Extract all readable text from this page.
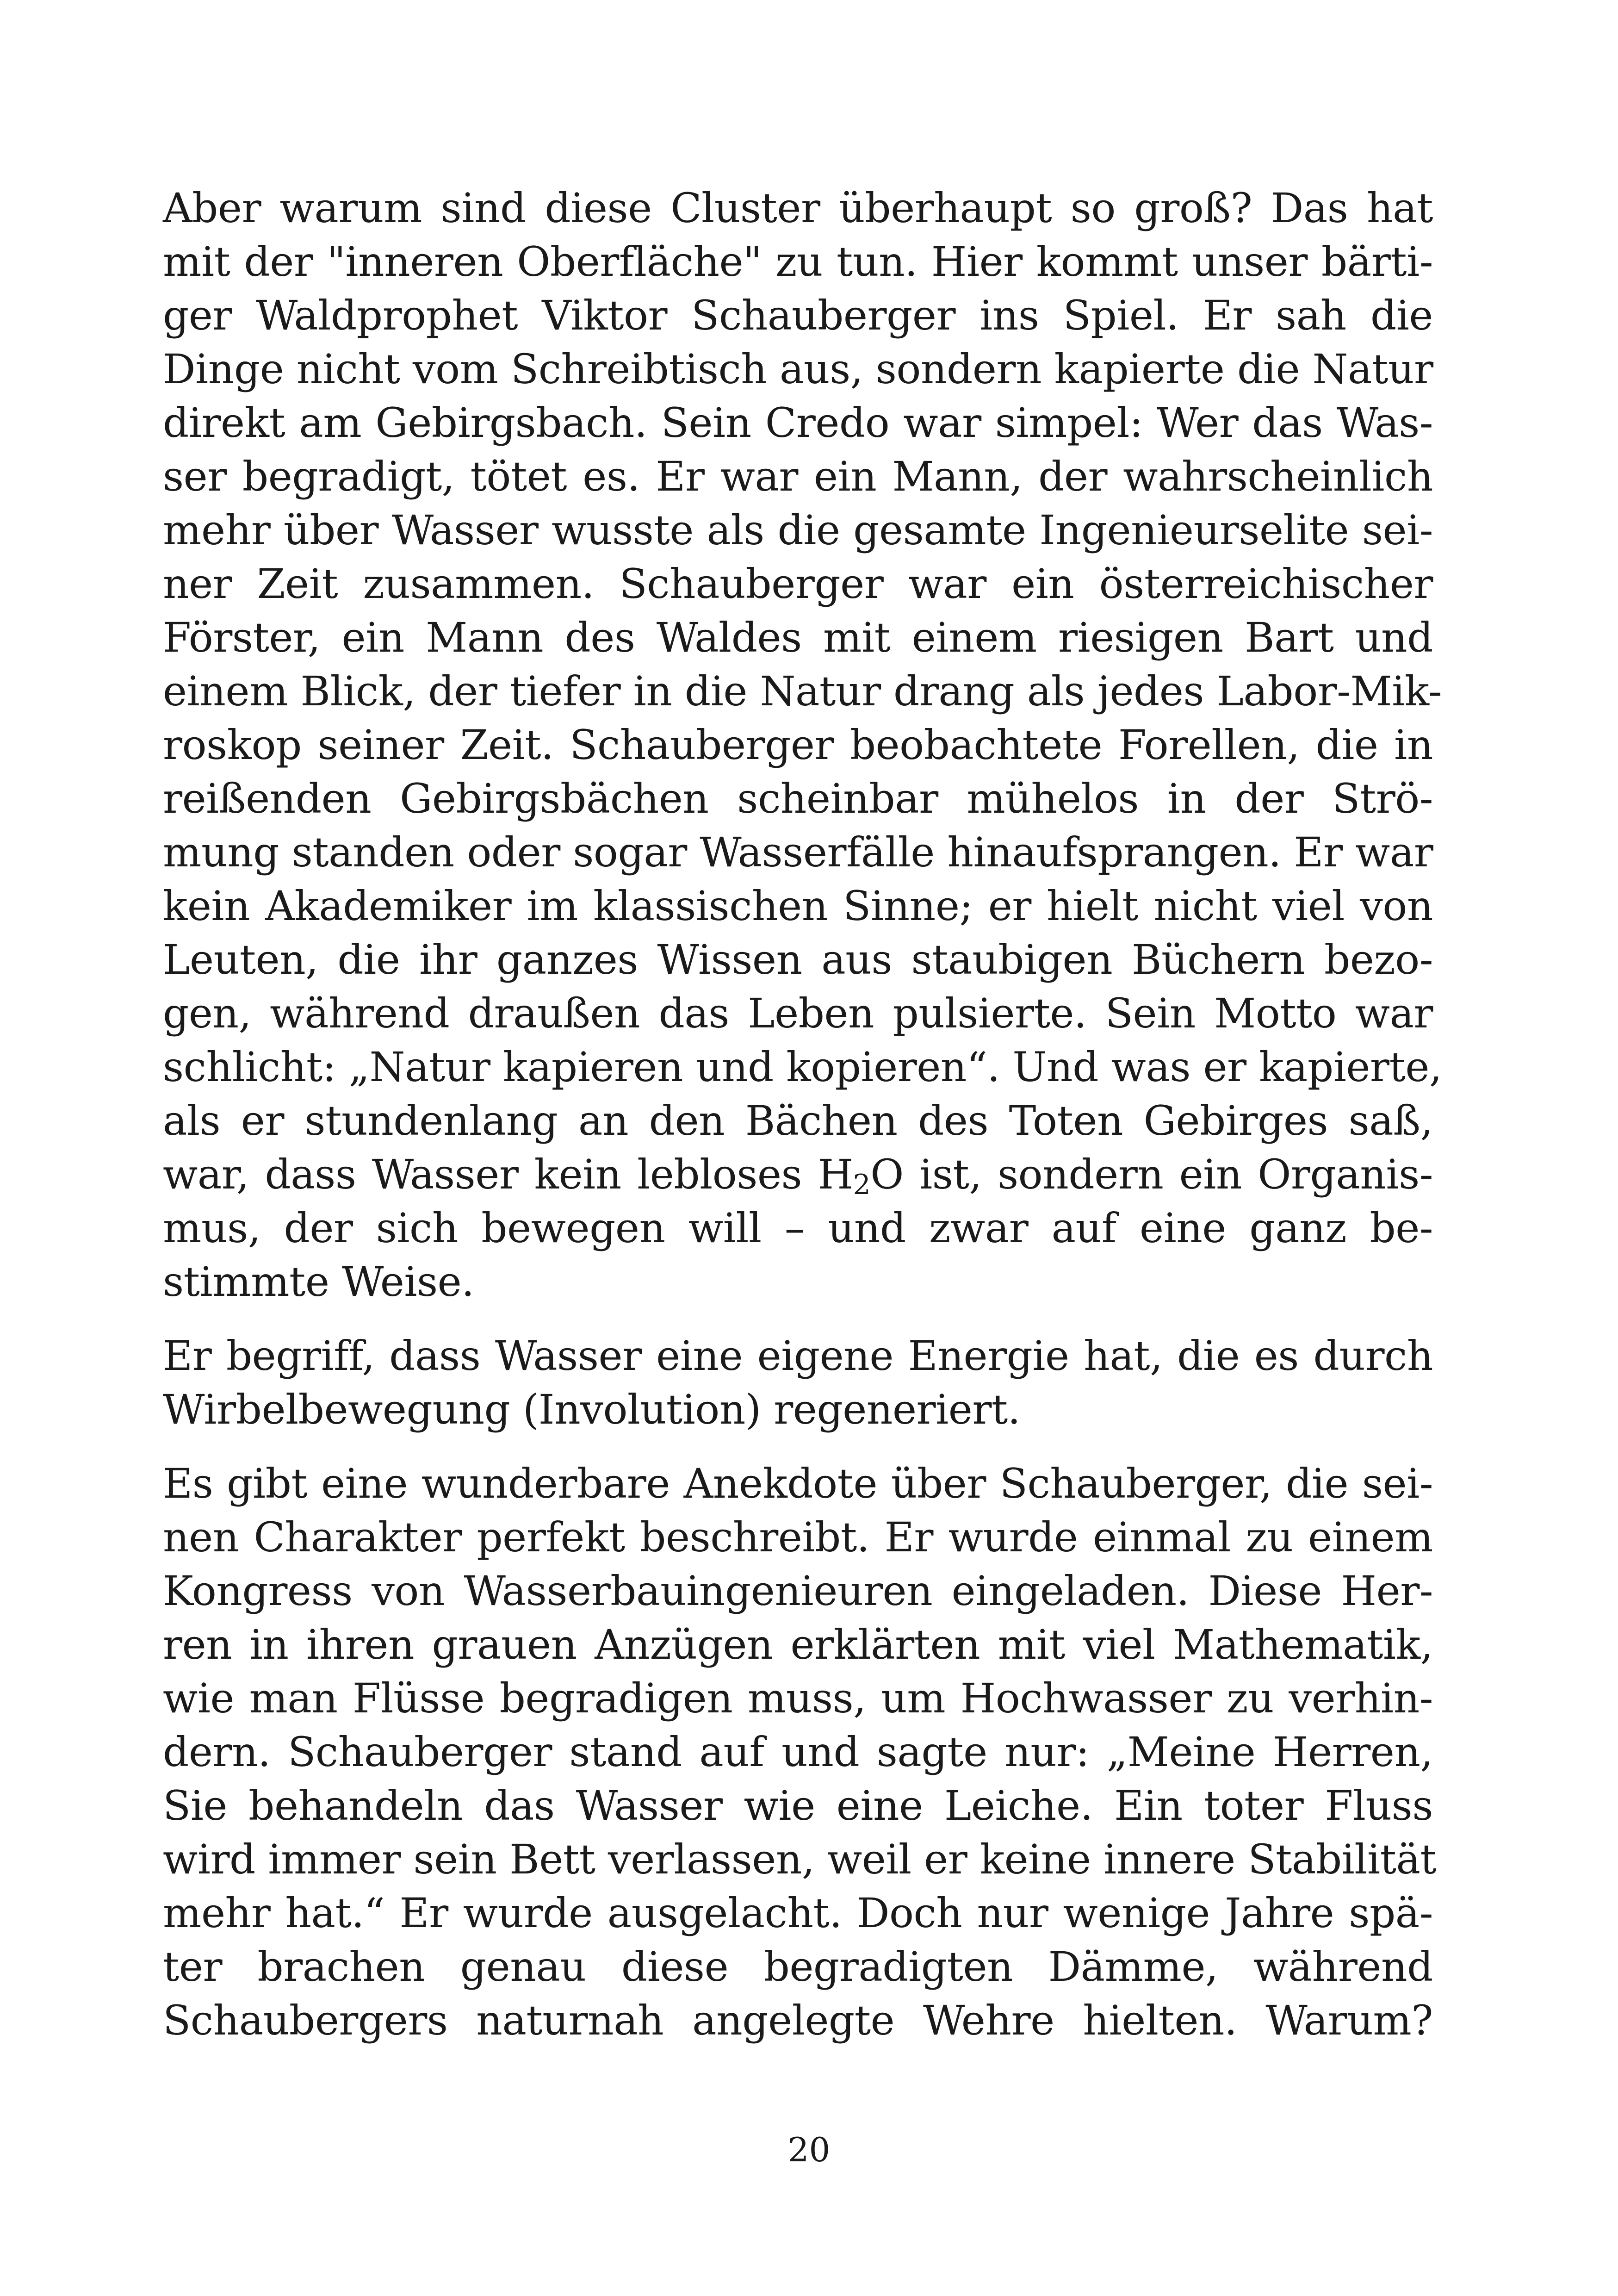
Aber warum sind diese Cluster überhaupt so groß? Das hat
mit der "inneren Oberfläche" zu tun. Hier kommt unser bärti-
ger Waldprophet Viktor Schauberger ins Spiel. Er sah die
Dinge nicht vom Schreibtisch aus, sondern kapierte die Natur
direkt am Gebirgsbach. Sein Credo war simpel: Wer das Was-
ser begradigt, tötet es. Er war ein Mann, der wahrscheinlich
mehr über Wasser wusste als die gesamte Ingenieurselite sei-
ner Zeit zusammen. Schauberger war ein österreichischer
Förster, ein Mann des Waldes mit einem riesigen Bart und
einem Blick, der tiefer in die Natur drang als jedes Labor-Mik-
roskop seiner Zeit. Schauberger beobachtete Forellen, die in
reißenden Gebirgsbächen scheinbar mühelos in der Strö-
mung standen oder sogar Wasserfälle hinaufsprangen. Er war
kein Akademiker im klassischen Sinne; er hielt nicht viel von
Leuten, die ihr ganzes Wissen aus staubigen Büchern bezo-
gen, während draußen das Leben pulsierte. Sein Motto war
schlicht: „Natur kapieren und kopieren“. Und was er kapierte,
als er stundenlang an den Bächen des Toten Gebirges saß,
war, dass Wasser kein lebloses $H_2O$ ist, sondern ein Organis-
mus, der sich bewegen will – und zwar auf eine ganz be-
stimmte Weise.
Er begriff, dass Wasser eine eigene Energie hat, die es durch
Wirbelbewegung (Involution) regeneriert.
Es gibt eine wunderbare Anekdote über Schauberger, die sei-
nen Charakter perfekt beschreibt. Er wurde einmal zu einem
Kongress von Wasserbauingenieuren eingeladen. Diese Her-
ren in ihren grauen Anzügen erklärten mit viel Mathematik,
wie man Flüsse begradigen muss, um Hochwasser zu verhin-
dern. Schauberger stand auf und sagte nur: „Meine Herren,
Sie behandeln das Wasser wie eine Leiche. Ein toter Fluss
wird immer sein Bett verlassen, weil er keine innere Stabilität
mehr hat.“ Er wurde ausgelacht. Doch nur wenige Jahre spä-
ter brachen genau diese begradigten Dämme, während
Schaubergers naturnah angelegte Wehre hielten. Warum?
20
